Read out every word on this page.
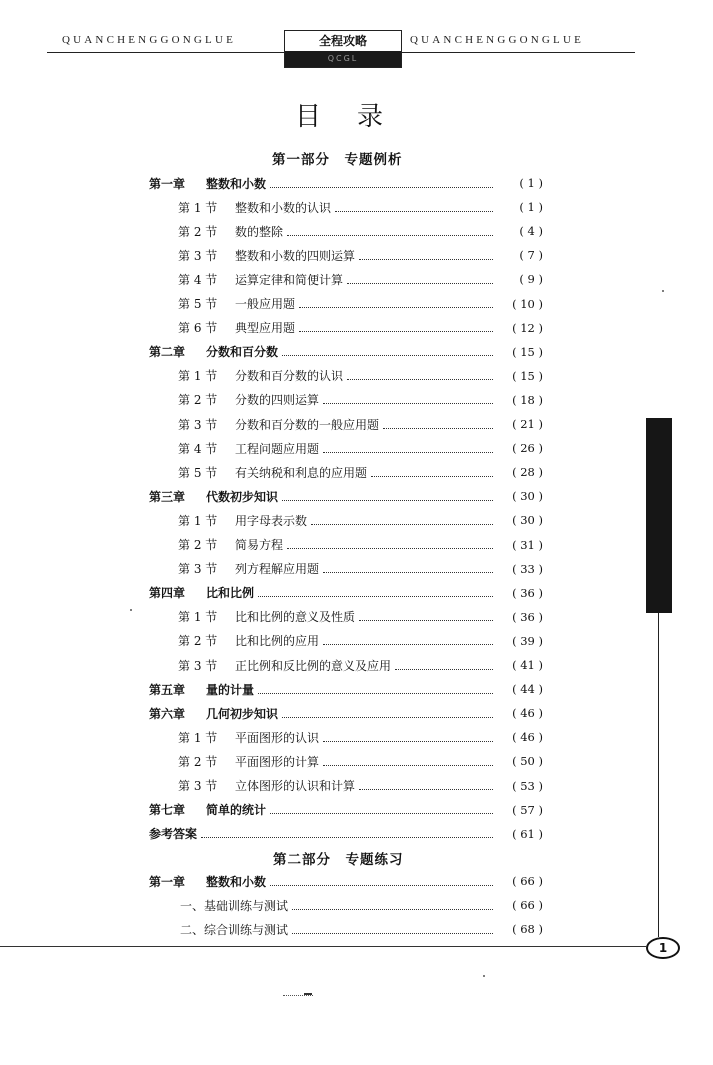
QUANCHENGGONGLUE	QUANCHENGGONGLUE
全程攻略
QCGL
目录
第一部分　专题例析
第二部分　专题练习
第一章	整数和小数	( 1 )
第 1 节	整数和小数的认识	( 1 )
第 2 节	数的整除	( 4 )
第 3 节	整数和小数的四则运算	( 7 )
第 4 节	运算定律和简便计算	( 9 )
第 5 节	一般应用题	( 10 )
第 6 节	典型应用题	( 12 )
第二章	分数和百分数	( 15 )
第 1 节	分数和百分数的认识	( 15 )
第 2 节	分数的四则运算	( 18 )
第 3 节	分数和百分数的一般应用题	( 21 )
第 4 节	工程问题应用题	( 26 )
第 5 节	有关纳税和利息的应用题	( 28 )
第三章	代数初步知识	( 30 )
第 1 节	用字母表示数	( 30 )
第 2 节	简易方程	( 31 )
第 3 节	列方程解应用题	( 33 )
第四章	比和比例	( 36 )
第 1 节	比和比例的意义及性质	( 36 )
第 2 节	比和比例的应用	( 39 )
第 3 节	正比例和反比例的意义及应用	( 41 )
第五章	量的计量	( 44 )
第六章	几何初步知识	( 46 )
第 1 节	平面图形的认识	( 46 )
第 2 节	平面图形的计算	( 50 )
第 3 节	立体图形的认识和计算	( 53 )
第七章	简单的统计	( 57 )
参考答案	( 61 )
第一章	整数和小数	( 66 )
一、基础训练与测试	( 66 )
二、综合训练与测试	( 68 )
1
